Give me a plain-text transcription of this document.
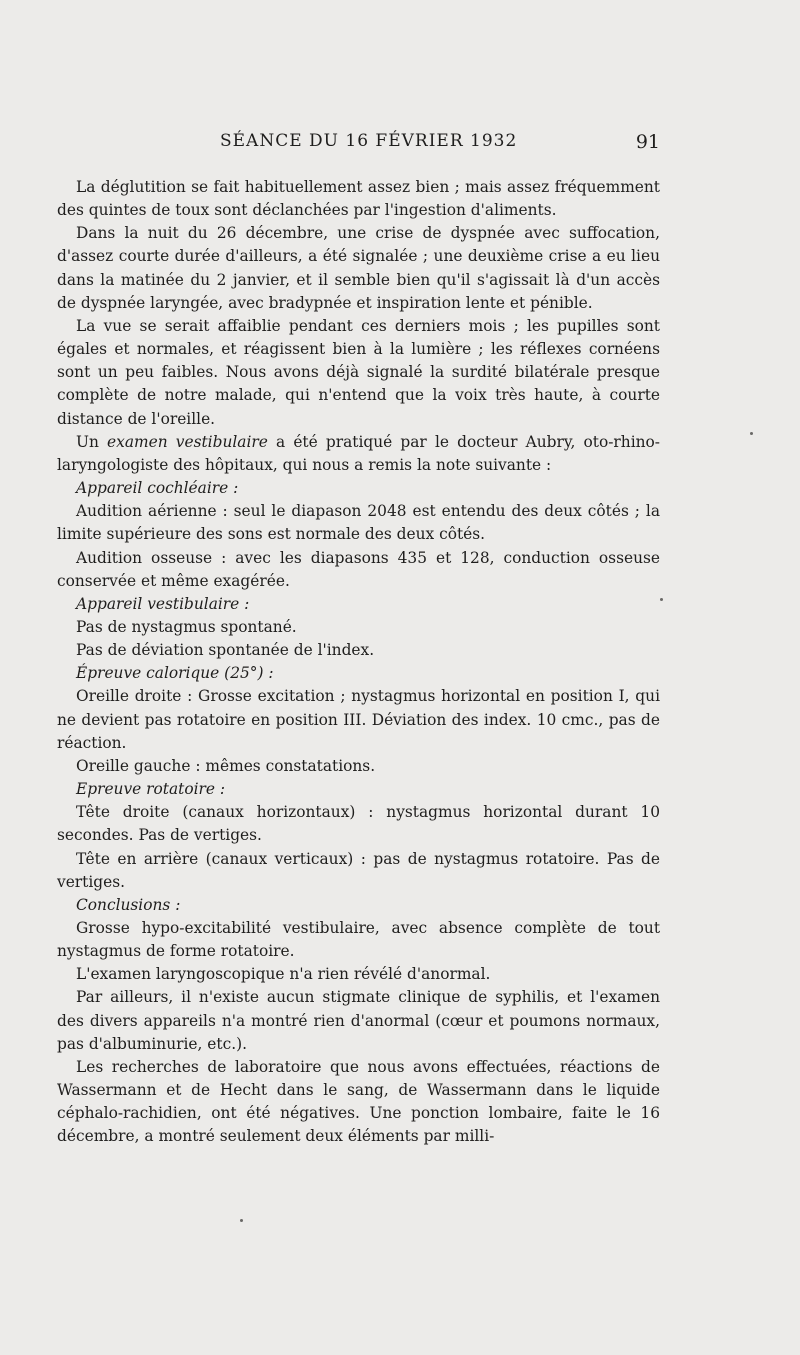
SÉANCE DU 16 FÉVRIER 1932	91

La déglutition se fait habituellement assez bien ; mais assez fréquemment des quintes de toux sont déclanchées par l'ingestion d'aliments.

Dans la nuit du 26 décembre, une crise de dyspnée avec suffocation, d'assez courte durée d'ailleurs, a été signalée ; une deuxième crise a eu lieu dans la matinée du 2 janvier, et il semble bien qu'il s'agissait là d'un accès de dyspnée laryngée, avec bradypnée et inspiration lente et pénible.

La vue se serait affaiblie pendant ces derniers mois ; les pupilles sont égales et normales, et réagissent bien à la lumière ; les réflexes cornéens sont un peu faibles. Nous avons déjà signalé la surdité bilatérale presque complète de notre malade, qui n'entend que la voix très haute, à courte distance de l'oreille.

Un examen vestibulaire a été pratiqué par le docteur Aubry, oto-rhino-laryngologiste des hôpitaux, qui nous a remis la note suivante :

Appareil cochléaire :

Audition aérienne : seul le diapason 2048 est entendu des deux côtés ; la limite supérieure des sons est normale des deux côtés.

Audition osseuse : avec les diapasons 435 et 128, conduction osseuse conservée et même exagérée.

Appareil vestibulaire :

Pas de nystagmus spontané.

Pas de déviation spontanée de l'index.

Épreuve calorique (25°) :

Oreille droite : Grosse excitation ; nystagmus horizontal en position I, qui ne devient pas rotatoire en position III. Déviation des index. 10 cmc., pas de réaction.

Oreille gauche : mêmes constatations.

Epreuve rotatoire :

Tête droite (canaux horizontaux) : nystagmus horizontal durant 10 secondes. Pas de vertiges.

Tête en arrière (canaux verticaux) : pas de nystagmus rotatoire. Pas de vertiges.

Conclusions :

Grosse hypo-excitabilité vestibulaire, avec absence complète de tout nystagmus de forme rotatoire.

L'examen laryngoscopique n'a rien révélé d'anormal.

Par ailleurs, il n'existe aucun stigmate clinique de syphilis, et l'examen des divers appareils n'a montré rien d'anormal (cœur et poumons normaux, pas d'albuminurie, etc.).

Les recherches de laboratoire que nous avons effectuées, réactions de Wassermann et de Hecht dans le sang, de Wassermann dans le liquide céphalo-rachidien, ont été négatives. Une ponction lombaire, faite le 16 décembre, a montré seulement deux éléments par milli-
